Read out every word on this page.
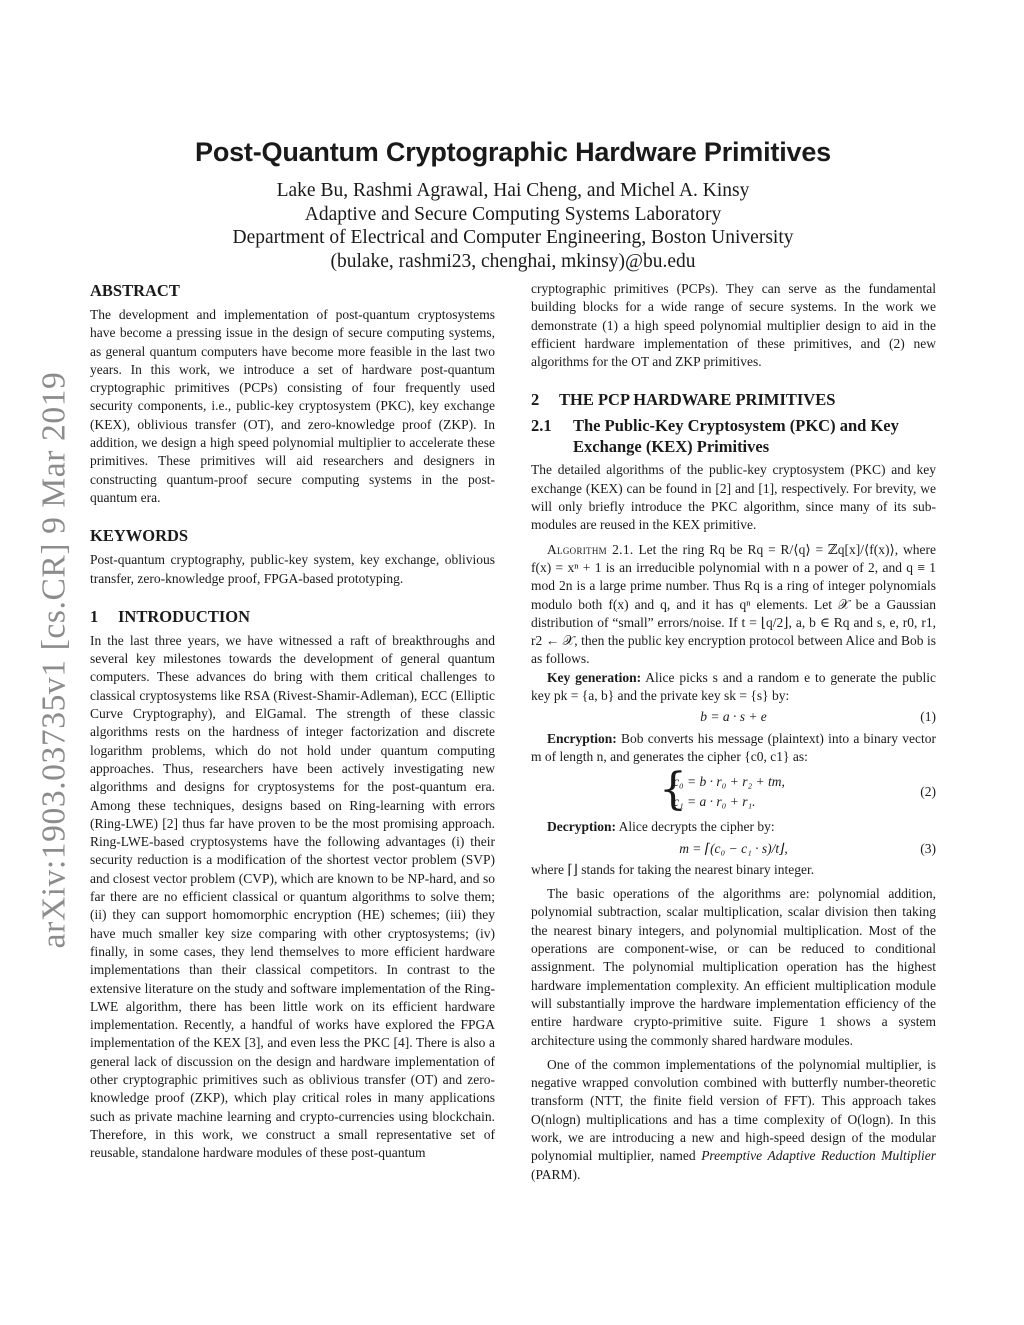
arXiv:1903.03735v1 [cs.CR] 9 Mar 2019
Post-Quantum Cryptographic Hardware Primitives
Lake Bu, Rashmi Agrawal, Hai Cheng, and Michel A. Kinsy
Adaptive and Secure Computing Systems Laboratory
Department of Electrical and Computer Engineering, Boston University
(bulake, rashmi23, chenghai, mkinsy)@bu.edu
ABSTRACT

The development and implementation of post-quantum cryptosystems have become a pressing issue in the design of secure computing systems, as general quantum computers have become more feasible in the last two years. In this work, we introduce a set of hardware post-quantum cryptographic primitives (PCPs) consisting of four frequently used security components, i.e., public-key cryptosystem (PKC), key exchange (KEX), oblivious transfer (OT), and zero-knowledge proof (ZKP). In addition, we design a high speed polynomial multiplier to accelerate these primitives. These primitives will aid researchers and designers in constructing quantum-proof secure computing systems in the post-quantum era.

KEYWORDS

Post-quantum cryptography, public-key system, key exchange, oblivious transfer, zero-knowledge proof, FPGA-based prototyping.

1 INTRODUCTION

In the last three years, we have witnessed a raft of breakthroughs and several key milestones towards the development of general quantum computers. These advances do bring with them critical challenges to classical cryptosystems like RSA (Rivest-Shamir-Adleman), ECC (Elliptic Curve Cryptography), and ElGamal. The strength of these classic algorithms rests on the hardness of integer factorization and discrete logarithm problems, which do not hold under quantum computing approaches. Thus, researchers have been actively investigating new algorithms and designs for cryptosystems for the post-quantum era. Among these techniques, designs based on Ring-learning with errors (Ring-LWE) [2] thus far have proven to be the most promising approach. Ring-LWE-based cryptosystems have the following advantages (i) their security reduction is a modification of the shortest vector problem (SVP) and closest vector problem (CVP), which are known to be NP-hard, and so far there are no efficient classical or quantum algorithms to solve them; (ii) they can support homomorphic encryption (HE) schemes; (iii) they have much smaller key size comparing with other cryptosystems; (iv) finally, in some cases, they lend themselves to more efficient hardware implementations than their classical competitors. In contrast to the extensive literature on the study and software implementation of the Ring-LWE algorithm, there has been little work on its efficient hardware implementation. Recently, a handful of works have explored the FPGA implementation of the KEX [3], and even less the PKC [4]. There is also a general lack of discussion on the design and hardware implementation of other cryptographic primitives such as oblivious transfer (OT) and zero-knowledge proof (ZKP), which play critical roles in many applications such as private machine learning and crypto-currencies using blockchain. Therefore, in this work, we construct a small representative set of reusable, standalone hardware modules of these post-quantum

cryptographic primitives (PCPs). They can serve as the fundamental building blocks for a wide range of secure systems. In the work we demonstrate (1) a high speed polynomial multiplier design to aid in the efficient hardware implementation of these primitives, and (2) new algorithms for the OT and ZKP primitives.

2 THE PCP HARDWARE PRIMITIVES
2.1	The Public-Key Cryptosystem (PKC) and Key Exchange (KEX) Primitives

The detailed algorithms of the public-key cryptosystem (PKC) and key exchange (KEX) can be found in [2] and [1], respectively. For brevity, we will only briefly introduce the PKC algorithm, since many of its sub-modules are reused in the KEX primitive.

Algorithm 2.1. Let the ring Rq be Rq = R/⟨q⟩ = ℤq[x]/⟨f(x)⟩, where f(x) = xⁿ + 1 is an irreducible polynomial with n a power of 2, and q ≡ 1 mod 2n is a large prime number. Thus Rq is a ring of integer polynomials modulo both f(x) and q, and it has qⁿ elements. Let 𝒳 be a Gaussian distribution of “small” errors/noise. If t = ⌊q/2⌋, a, b ∈ Rq and s, e, r0, r1, r2 ← 𝒳, then the public key encryption protocol between Alice and Bob is as follows.

Key generation: Alice picks s and a random e to generate the public key pk = {a, b} and the private key sk = {s} by:

b = a · s + e	(1)

Encryption: Bob converts his message (plaintext) into a binary vector m of length n, and generates the cipher {c0, c1} as:

{
c₀ = b · r₀ + r₂ + tm,
c₁ = a · r₀ + r₁.
(2)

Decryption: Alice decrypts the cipher by:

m = ⌈(c₀ − c₁ · s)/t⌋,	(3)

where ⌈⌋ stands for taking the nearest binary integer.

The basic operations of the algorithms are: polynomial addition, polynomial subtraction, scalar multiplication, scalar division then taking the nearest binary integers, and polynomial multiplication. Most of the operations are component-wise, or can be reduced to conditional assignment. The polynomial multiplication operation has the highest hardware implementation complexity. An efficient multiplication module will substantially improve the hardware implementation efficiency of the entire hardware crypto-primitive suite. Figure 1 shows a system architecture using the commonly shared hardware modules.

One of the common implementations of the polynomial multiplier, is negative wrapped convolution combined with butterfly number-theoretic transform (NTT, the finite field version of FFT). This approach takes O(nlogn) multiplications and has a time complexity of O(logn). In this work, we are introducing a new and high-speed design of the modular polynomial multiplier, named Preemptive Adaptive Reduction Multiplier (PARM).
